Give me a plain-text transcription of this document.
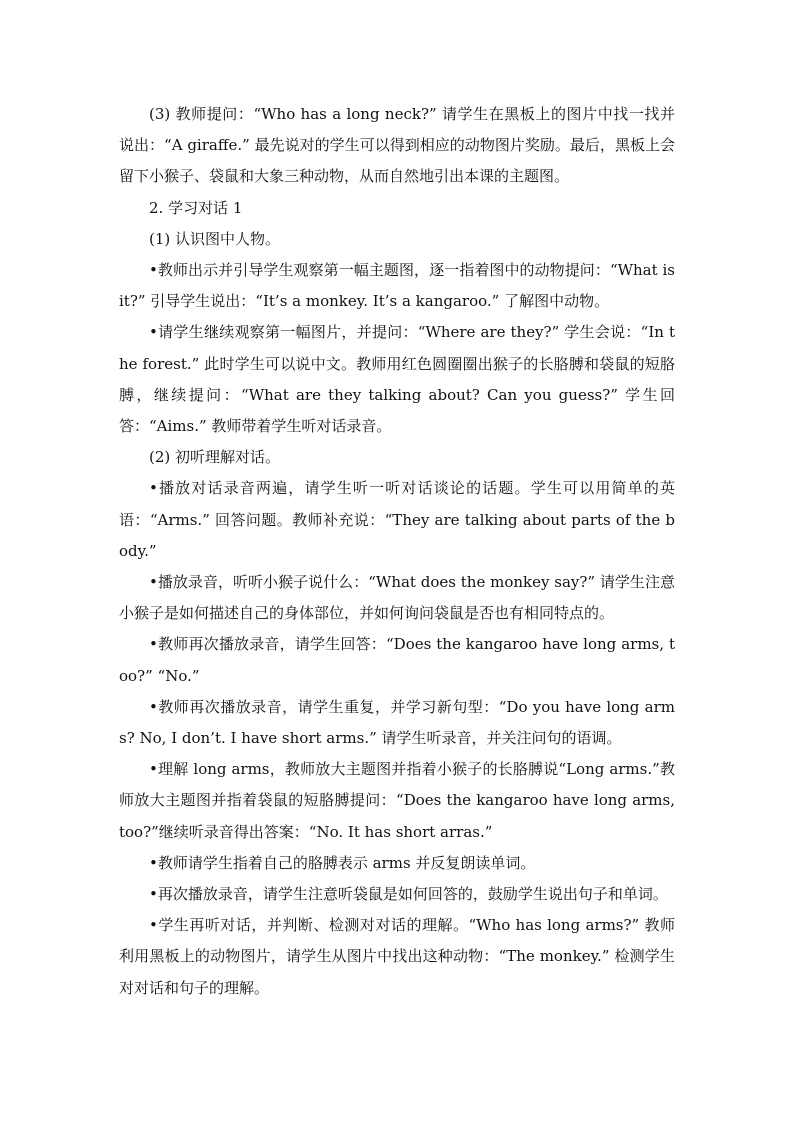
(3) 教师提问：“Who has a long neck?” 请学生在黑板上的图片中找一找并说出：“A giraffe.” 最先说对的学生可以得到相应的动物图片奖励。最后，黑板上会留下小猴子、袋鼠和大象三种动物，从而自然地引出本课的主题图。

2. 学习对话 1

(1) 认识图中人物。

•教师出示并引导学生观察第一幅主题图，逐一指着图中的动物提问：“What is it?” 引导学生说出：“It’s a monkey. It’s a kangaroo.” 了解图中动物。

•请学生继续观察第一幅图片，并提问：“Where are they?” 学生会说：“In the forest.” 此时学生可以说中文。教师用红色圆圈圈出猴子的长胳膊和袋鼠的短胳膊，继续提问：“What are they talking about? Can you guess?” 学生回答：“Aims.” 教师带着学生听对话录音。

(2) 初听理解对话。

•播放对话录音两遍，请学生听一听对话谈论的话题。学生可以用简单的英语：“Arms.” 回答问题。教师补充说：“They are talking about parts of the body.”

•播放录音，听听小猴子说什么：“What does the monkey say?” 请学生注意小猴子是如何描述自己的身体部位，并如何询问袋鼠是否也有相同特点的。

•教师再次播放录音，请学生回答：“Does the kangaroo have long arms, too?” “No.”

•教师再次播放录音，请学生重复，并学习新句型：“Do you have long arms? No, I don’t. I have short arms.” 请学生听录音，并关注问句的语调。

•理解 long arms，教师放大主题图并指着小猴子的长胳膊说“Long arms.”教师放大主题图并指着袋鼠的短胳膊提问：“Does the kangaroo have long arms, too?”继续听录音得出答案：“No. It has short arras.”

•教师请学生指着自己的胳膊表示 arms 并反复朗读单词。

•再次播放录音，请学生注意听袋鼠是如何回答的，鼓励学生说出句子和单词。

•学生再听对话，并判断、检测对对话的理解。“Who has long arms?” 教师利用黑板上的动物图片，请学生从图片中找出这种动物：“The monkey.” 检测学生对对话和句子的理解。
